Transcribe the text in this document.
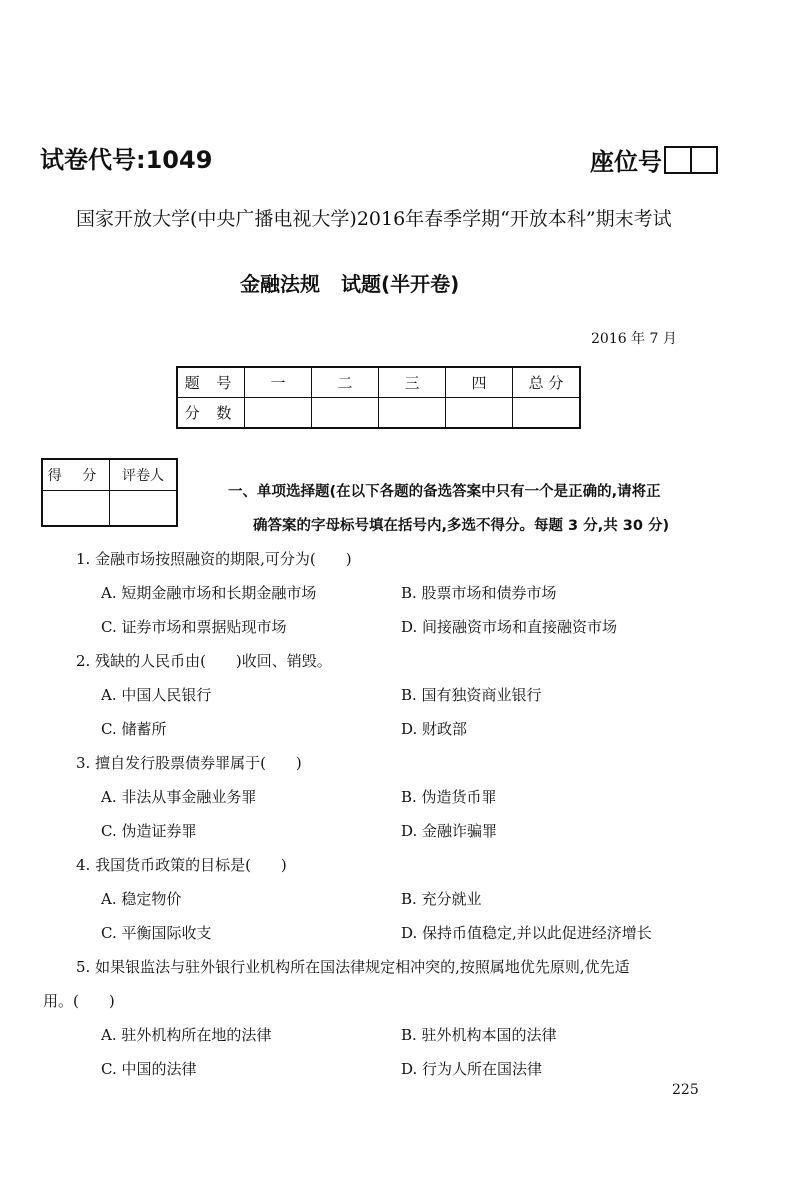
试卷代号:1049	座位号
国家开放大学(中央广播电视大学)2016年春季学期“开放本科”期末考试
金融法规 试题(半开卷)
2016 年 7 月
题 号	一	二	三	四	总 分
分 数					
得 分	评卷人

一、单项选择题(在以下各题的备选答案中只有一个是正确的,请将正
确答案的字母标号填在括号内,多选不得分。每题 3 分,共 30 分)
1. 金融市场按照融资的期限,可分为(　　)
A. 短期金融市场和长期金融市场	B. 股票市场和债券市场
C. 证券市场和票据贴现市场	D. 间接融资市场和直接融资市场
2. 残缺的人民币由(　　)收回、销毁。
A. 中国人民银行	B. 国有独资商业银行
C. 储蓄所	D. 财政部
3. 擅自发行股票债券罪属于(　　)
A. 非法从事金融业务罪	B. 伪造货币罪
C. 伪造证券罪	D. 金融诈骗罪
4. 我国货币政策的目标是(　　)
A. 稳定物价	B. 充分就业
C. 平衡国际收支	D. 保持币值稳定,并以此促进经济增长
5. 如果银监法与驻外银行业机构所在国法律规定相冲突的,按照属地优先原则,优先适
用。(　　)
A. 驻外机构所在地的法律	B. 驻外机构本国的法律
C. 中国的法律	D. 行为人所在国法律
225
